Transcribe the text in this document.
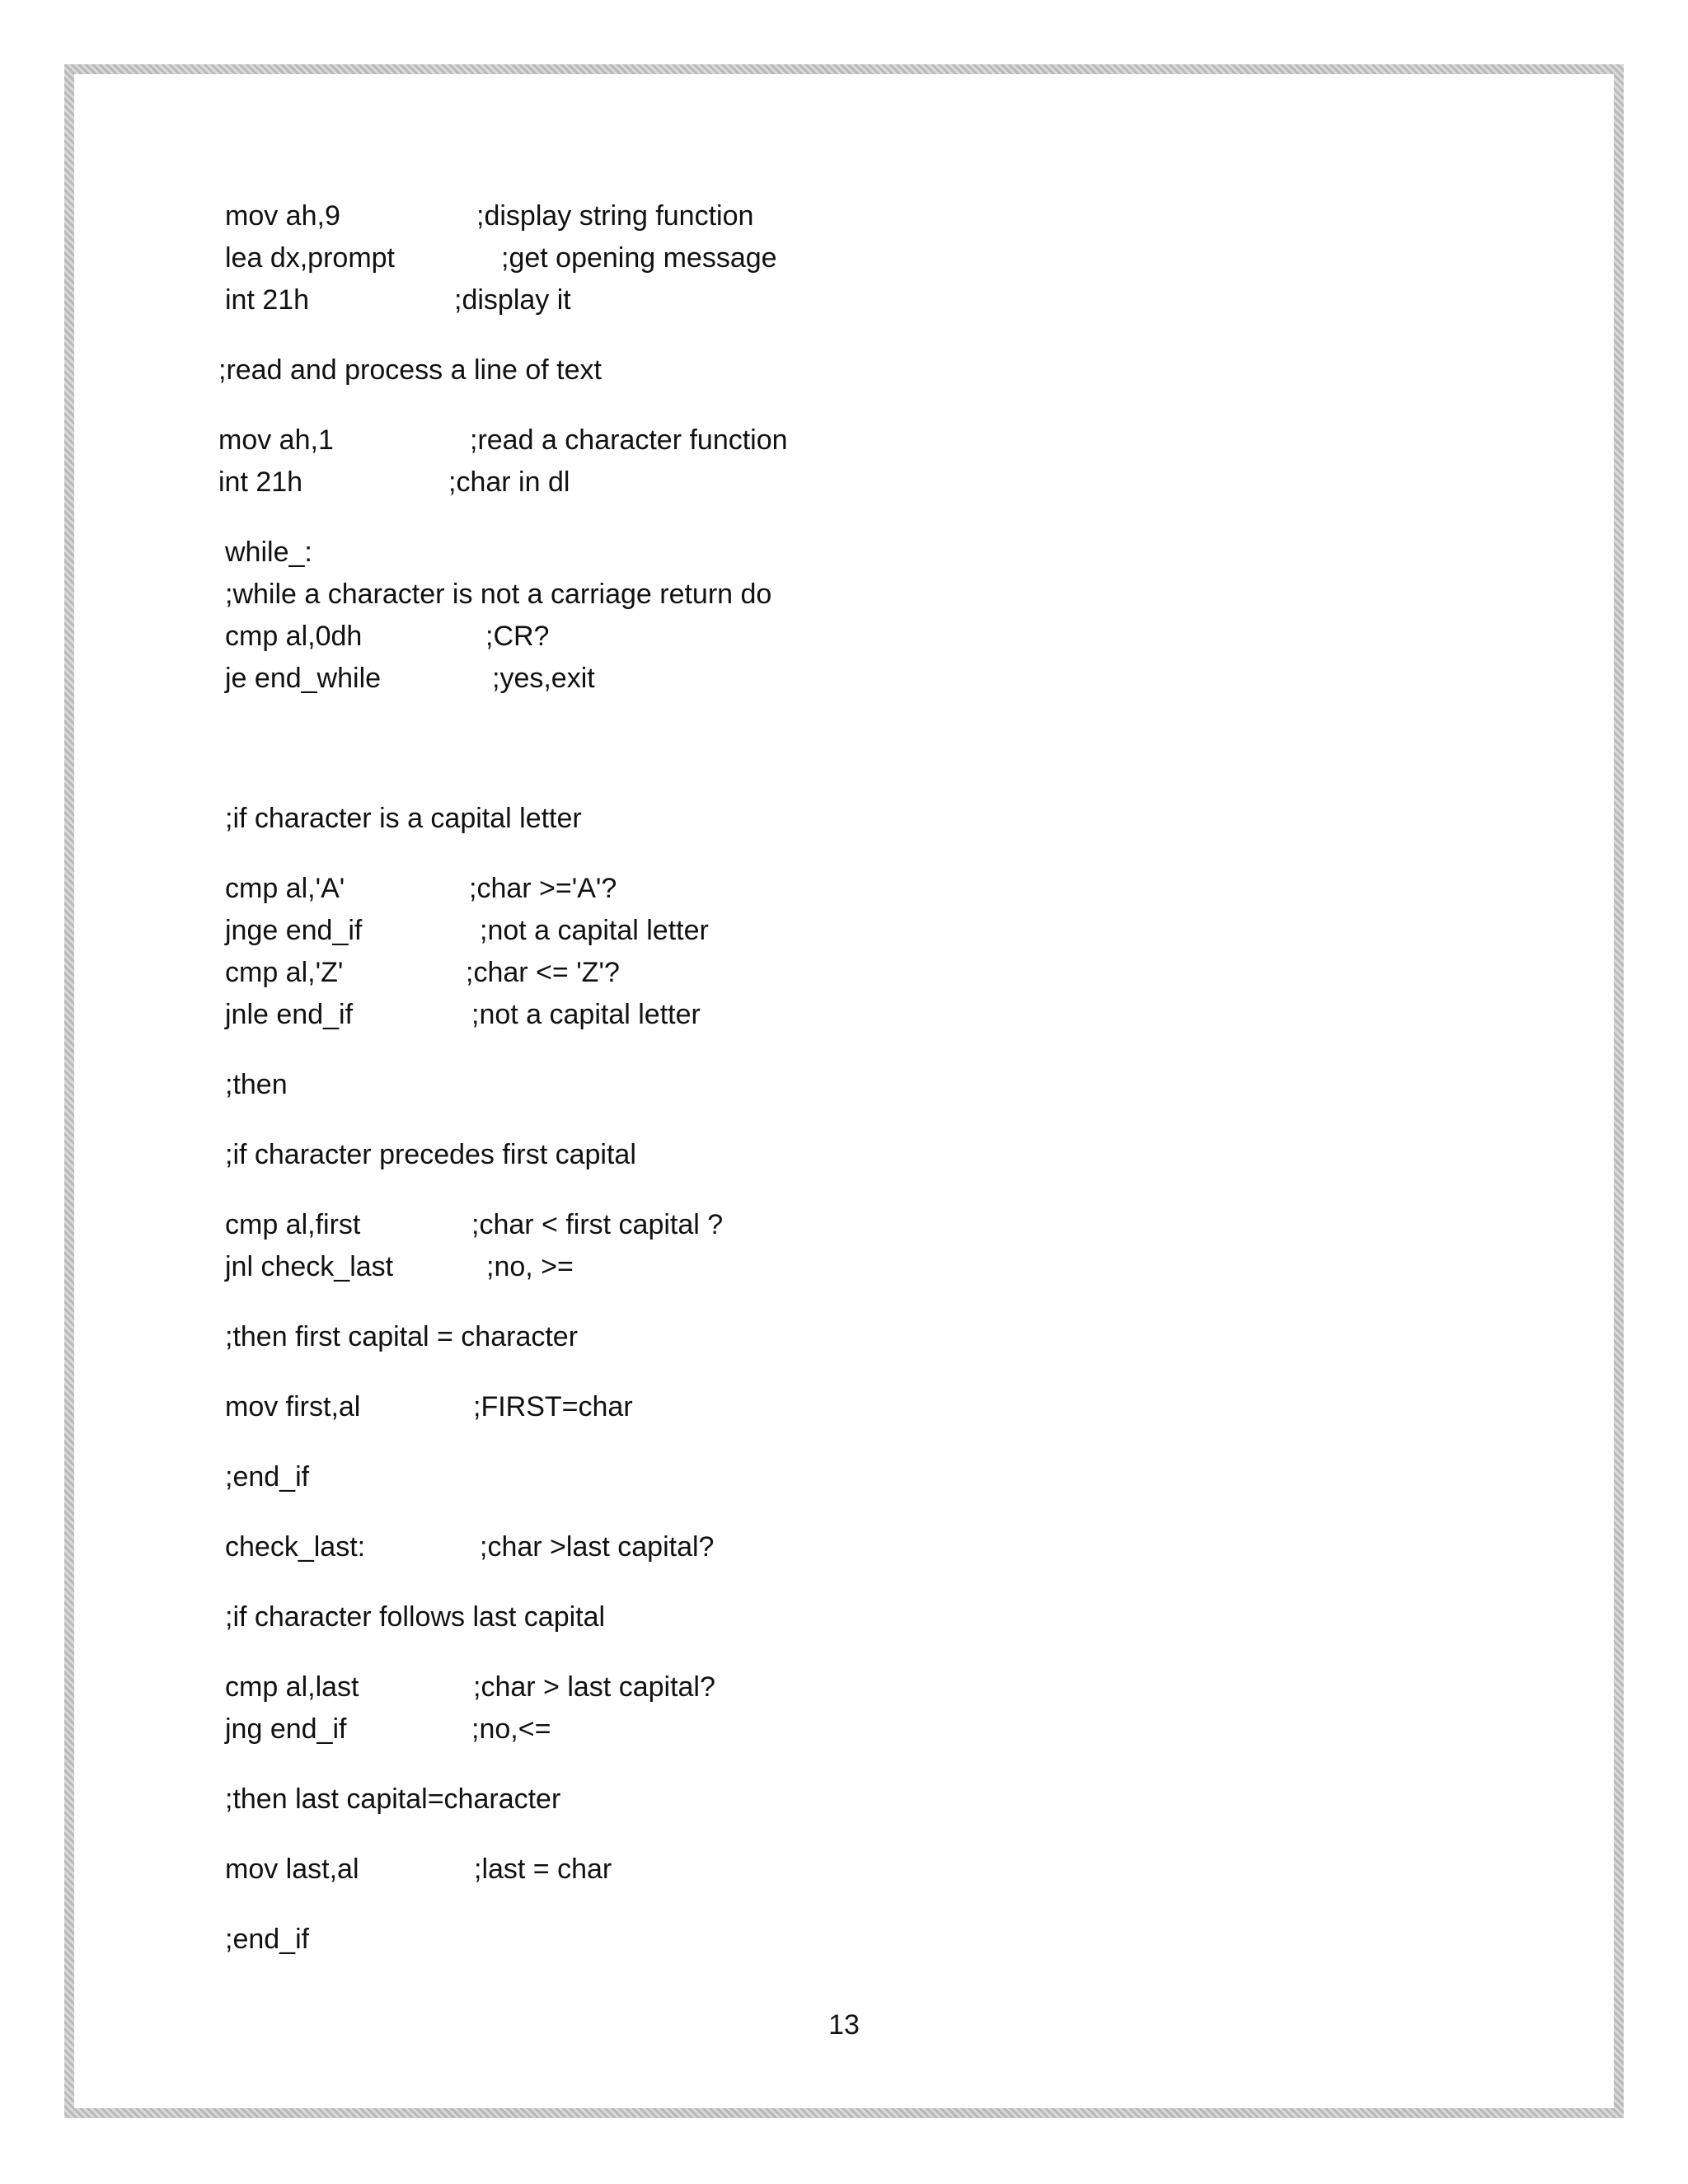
mov ah,9	;display string function
lea dx,prompt	;get opening message
int 21h	;display it
;read and process a line of text
mov ah,1	;read a character function
int 21h	;char in dl
while_:
;while a character is not a carriage return do
cmp al,0dh	;CR?
je end_while	;yes,exit
;if character is a capital letter
cmp al,'A'	;char >='A'?
jnge end_if	;not a capital letter
cmp al,'Z'	;char <= 'Z'?
jnle end_if	;not a capital letter
;then
;if character precedes first capital
cmp al,first	;char < first capital ?
jnl check_last	;no, >=
;then first capital = character
mov first,al	;FIRST=char
;end_if
check_last:	;char >last capital?
;if character follows last capital
cmp al,last	;char > last capital?
jng end_if	;no,<=
;then last capital=character
mov last,al	;last = char
;end_if
13
